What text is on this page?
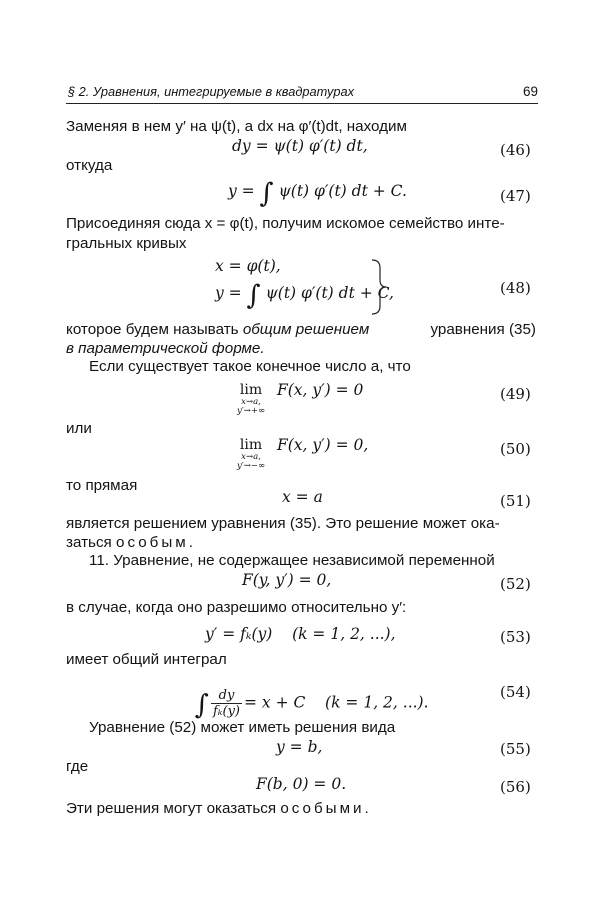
§ 2. Уравнения, интегрируемые в квадратурах	69
Заменяя в нем y′ на ψ(t), а dx на φ′(t)dt, находим
dy = ψ(t) φ′(t) dt,	(46)
откуда
y = ∫ ψ(t) φ′(t) dt + C.	(47)
Присоединяя сюда x = φ(t), получим искомое семейство инте-
гральных кривых
x = φ(t),
y = ∫ ψ(t) φ′(t) dt + C,	(48)
которое будем называть общим решением	уравнения (35)
в параметрической форме.
Если существует такое конечное число a, что
lim
x→a,
y′→+∞
F(x, y′) = 0	(49)
или
lim
x→a,
y′→−∞
F(x, y′) = 0,	(50)
то прямая
x = a	(51)
является решением уравнения (35). Это решение может ока-
заться особым.
11. Уравнение, не содержащее независимой переменной
F(y, y′) = 0,	(52)
в случае, когда оно разрешимо относительно y′:
y′ = fₖ(y)    (k = 1, 2, ...),	(53)
имеет общий интеграл

∫ $\frac{dy}{\text{fₖ(y)}} = x + C$    (k = 1, 2, ...).

(54)
Уравнение (52) может иметь решения вида
y = b,	(55)
где
F(b, 0) = 0.	(56)
Эти решения могут оказаться особыми.
